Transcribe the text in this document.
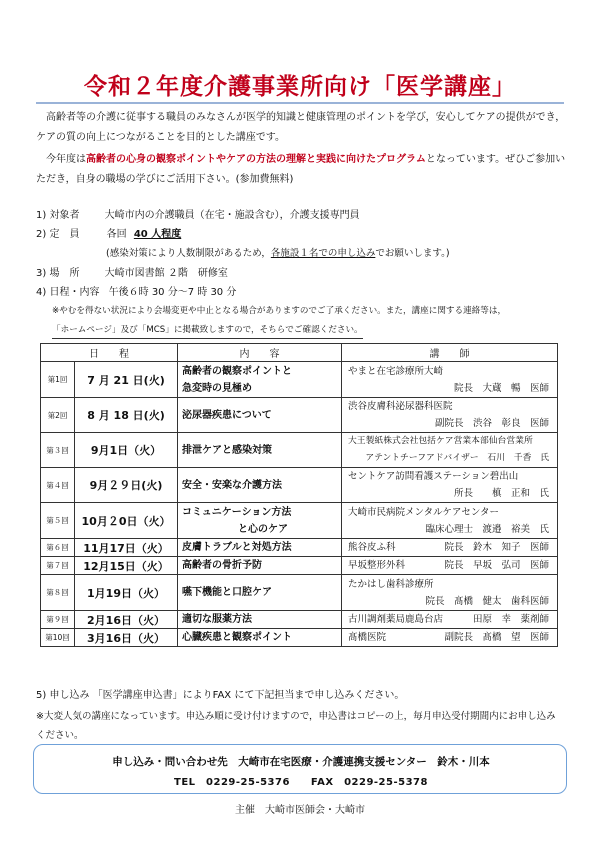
令和２年度介護事業所向け「医学講座」
高齢者等の介護に従事する職員のみなさんが医学的知識と健康管理のポイントを学び，安心してケアの提供ができ，ケアの質の向上につながることを目的とした講座です。
今年度は高齢者の心身の観察ポイントやケアの方法の理解と実践に向けたプログラムとなっています。ぜひご参加いただき，自身の職場の学びにご活用下さい。(参加費無料)
1) 対象者	大崎市内の介護職員（在宅・施設含む），介護支援専門員
2) 定　員	各回 40 人程度
(感染対策により人数制限があるため，各施設１名での申し込みでお願いします。)
3) 場　所	大崎市図書館 ２階　研修室
4) 日程・内容 午後６時 30 分～7 時 30 分
※やむを得ない状況により会場変更や中止となる場合がありますのでご了承ください。また，講座に関する連絡等は，
「ホームページ」及び「MCS」に掲載致しますので，そちらでご確認ください。
日　　程		内　　容	講　　師
第1回	7 月 21 日(火)	高齢者の観察ポイントと
急変時の見極め	やまと在宅診療所大崎
院長　大蔵　暢　医師

第2回	8 月 18 日(火)	泌尿器疾患について	渋谷皮膚科泌尿器科医院
副院長　渋谷　彰良　医師

第３回	9月1日（火）	排泄ケアと感染対策	大王製紙株式会社包括ケア営業本部仙台営業所
アテントチーフアドバイザー　石川　千香　氏

第４回	9月２９日(火)	安全・安楽な介護方法	セントケア訪問看護ステーション碧出山
所長　　槙　正和　氏

第５回	10月２0日（火）	コミュニケーション方法
と心のケア	大崎市民病院メンタルケアセンター
臨床心理士　渡邉　裕美　氏

第６回	11月17日（火）	皮膚トラブルと対処方法	熊谷皮ふ科 院長　鈴木　知子　医師

第７回	12月15日（火）	高齢者の骨折予防	早坂整形外科 院長　早坂　弘司　医師

第８回	1月19日（火）	嚥下機能と口腔ケア	たかはし歯科診療所
院長　髙橋　健太　歯科医師

第９回	2月16日（火）	適切な服薬方法	古川調剤薬局鹿島台店 田原　幸　薬剤師

第10回	3月16日（火）	心臓疾患と観察ポイント	髙橋医院 副院長　髙橋　望　医師
5) 申し込み 「医学講座申込書」によりFAX にて下記担当まで申し込みください。
※大変人気の講座になっています。申込み順に受け付けますので，申込書はコピーの上，毎月申込受付期間内にお申し込みください。
申し込み・問い合わせ先　大崎市在宅医療・介護連携支援センター　鈴木・川本
TEL　0229-25-5376　　FAX　0229-25-5378
主催　大崎市医師会・大崎市
